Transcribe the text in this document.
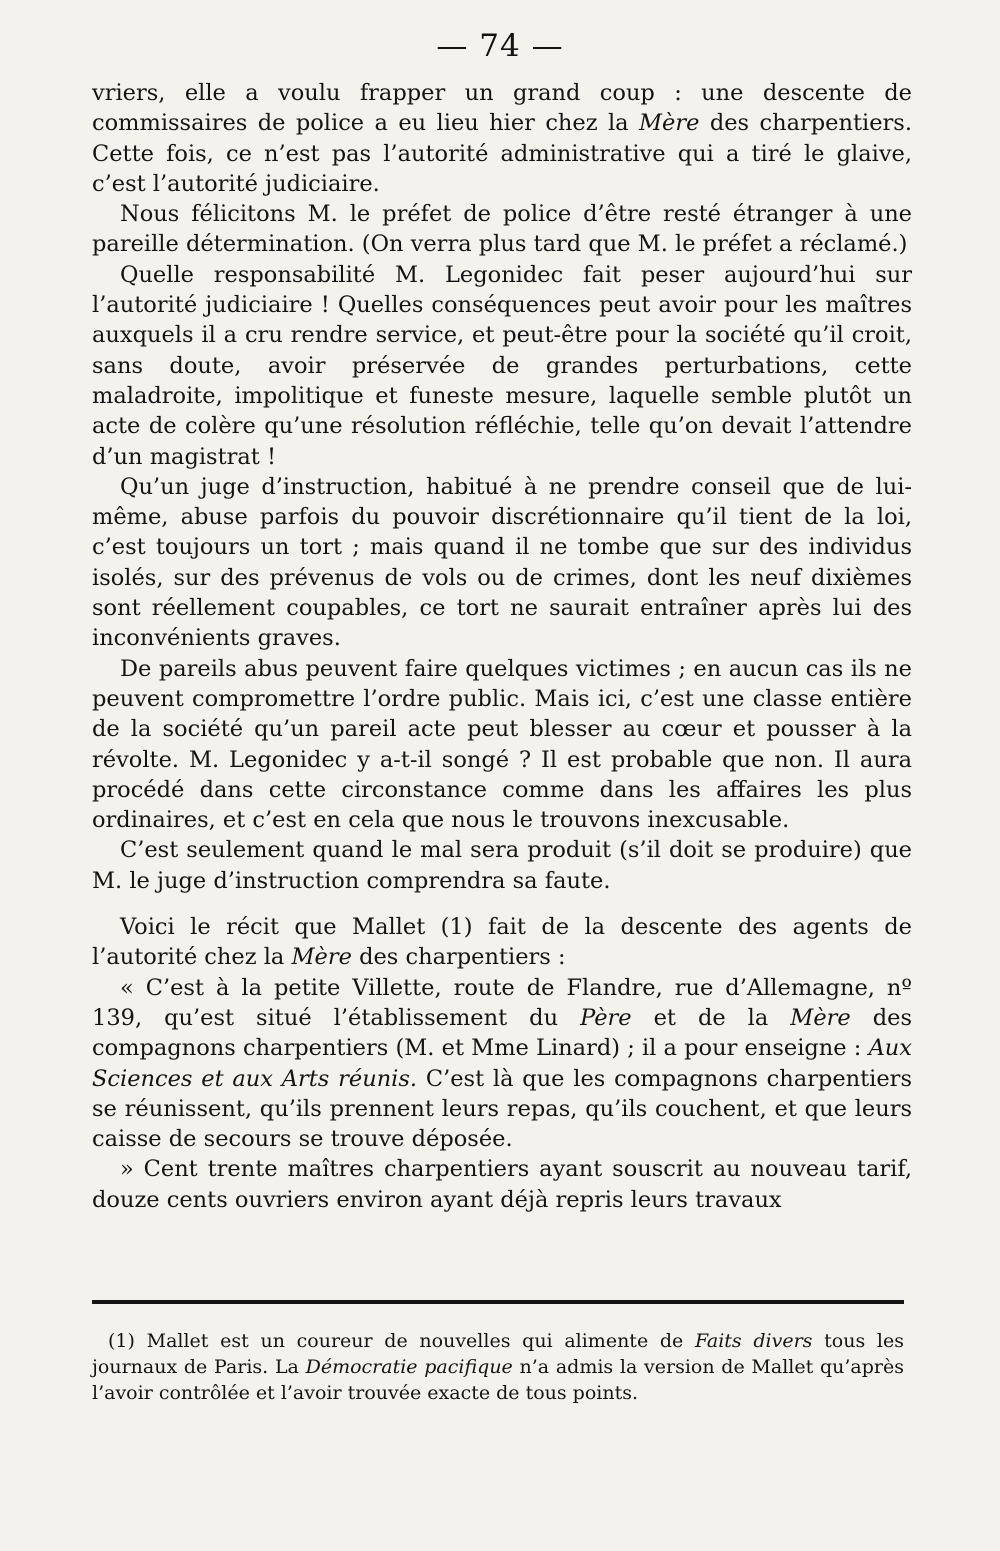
— 74 —

vriers, elle a voulu frapper un grand coup : une descente de commissaires de police a eu lieu hier chez la Mère des charpentiers. Cette fois, ce n’est pas l’autorité administrative qui a tiré le glaive, c’est l’autorité judiciaire.

Nous félicitons M. le préfet de police d’être resté étranger à une pareille détermination. (On verra plus tard que M. le préfet a réclamé.)

Quelle responsabilité M. Legonidec fait peser aujourd’hui sur l’autorité judiciaire ! Quelles conséquences peut avoir pour les maîtres auxquels il a cru rendre service, et peut-être pour la société qu’il croit, sans doute, avoir préservée de grandes perturbations, cette maladroite, impolitique et funeste mesure, laquelle semble plutôt un acte de colère qu’une résolution réfléchie, telle qu’on devait l’attendre d’un magistrat !

Qu’un juge d’instruction, habitué à ne prendre conseil que de lui-même, abuse parfois du pouvoir discrétionnaire qu’il tient de la loi, c’est toujours un tort ; mais quand il ne tombe que sur des individus isolés, sur des prévenus de vols ou de crimes, dont les neuf dixièmes sont réellement coupables, ce tort ne saurait entraîner après lui des inconvénients graves.

De pareils abus peuvent faire quelques victimes ; en aucun cas ils ne peuvent compromettre l’ordre public. Mais ici, c’est une classe entière de la société qu’un pareil acte peut blesser au cœur et pousser à la révolte. M. Legonidec y a-t-il songé ? Il est probable que non. Il aura procédé dans cette circonstance comme dans les affaires les plus ordinaires, et c’est en cela que nous le trouvons inexcusable.

C’est seulement quand le mal sera produit (s’il doit se produire) que M. le juge d’instruction comprendra sa faute.

Voici le récit que Mallet (1) fait de la descente des agents de l’autorité chez la Mère des charpentiers :

« C’est à la petite Villette, route de Flandre, rue d’Allemagne, nº 139, qu’est situé l’établissement du Père et de la Mère des compagnons charpentiers (M. et Mme Linard) ; il a pour enseigne : Aux Sciences et aux Arts réunis. C’est là que les compagnons charpentiers se réunissent, qu’ils prennent leurs repas, qu’ils couchent, et que leurs caisse de secours se trouve déposée.

» Cent trente maîtres charpentiers ayant souscrit au nouveau tarif, douze cents ouvriers environ ayant déjà repris leurs travaux

(1) Mallet est un coureur de nouvelles qui alimente de Faits divers tous les journaux de Paris. La Démocratie pacifique n’a admis la version de Mallet qu’après l’avoir contrôlée et l’avoir trouvée exacte de tous points.
